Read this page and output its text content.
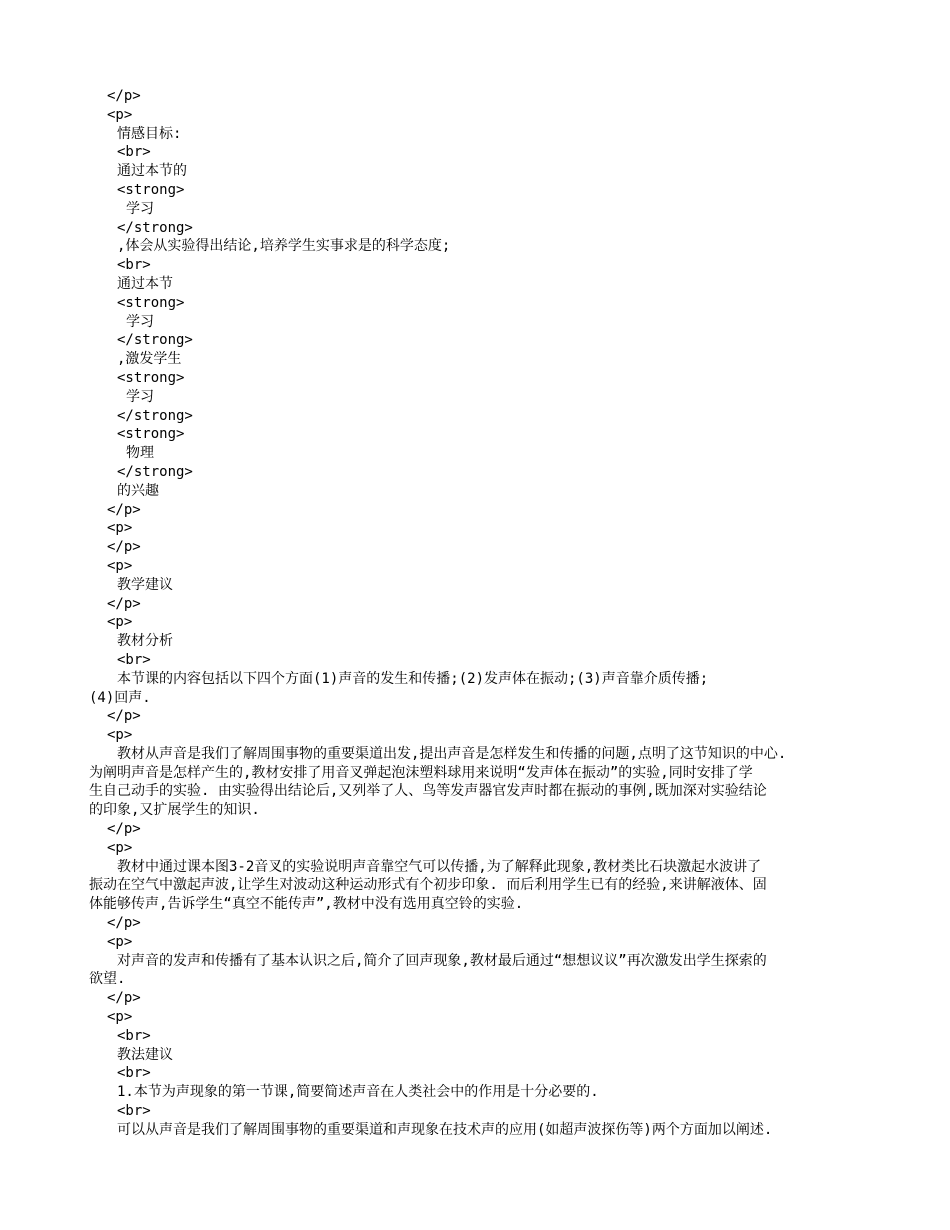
</p>
<p>
情感目标:
<br>
通过本节的
<strong>
学习
</strong>
,体会从实验得出结论,培养学生实事求是的科学态度;
<br>
通过本节
<strong>
学习
</strong>
,激发学生
<strong>
学习
</strong>
<strong>
物理
</strong>
的兴趣
</p>
<p>
</p>
<p>
教学建议
</p>
<p>
教材分析
<br>
本节课的内容包括以下四个方面(1)声音的发生和传播;(2)发声体在振动;(3)声音靠介质传播;
(4)回声.
</p>
<p>
教材从声音是我们了解周围事物的重要渠道出发,提出声音是怎样发生和传播的问题,点明了这节知识的中心.
为阐明声音是怎样产生的,教材安排了用音叉弹起泡沫塑料球用来说明“发声体在振动”的实验,同时安排了学
生自己动手的实验. 由实验得出结论后,又列举了人、鸟等发声器官发声时都在振动的事例,既加深对实验结论
的印象,又扩展学生的知识.
</p>
<p>
教材中通过课本图3-2音叉的实验说明声音靠空气可以传播,为了解释此现象,教材类比石块激起水波讲了
振动在空气中激起声波,让学生对波动这种运动形式有个初步印象. 而后利用学生已有的经验,来讲解液体、固
体能够传声,告诉学生“真空不能传声”,教材中没有选用真空铃的实验.
</p>
<p>
对声音的发声和传播有了基本认识之后,简介了回声现象,教材最后通过“想想议议”再次激发出学生探索的
欲望.
</p>
<p>
<br>
教法建议
<br>
1.本节为声现象的第一节课,简要简述声音在人类社会中的作用是十分必要的.
<br>
可以从声音是我们了解周围事物的重要渠道和声现象在技术声的应用(如超声波探伤等)两个方面加以阐述.
